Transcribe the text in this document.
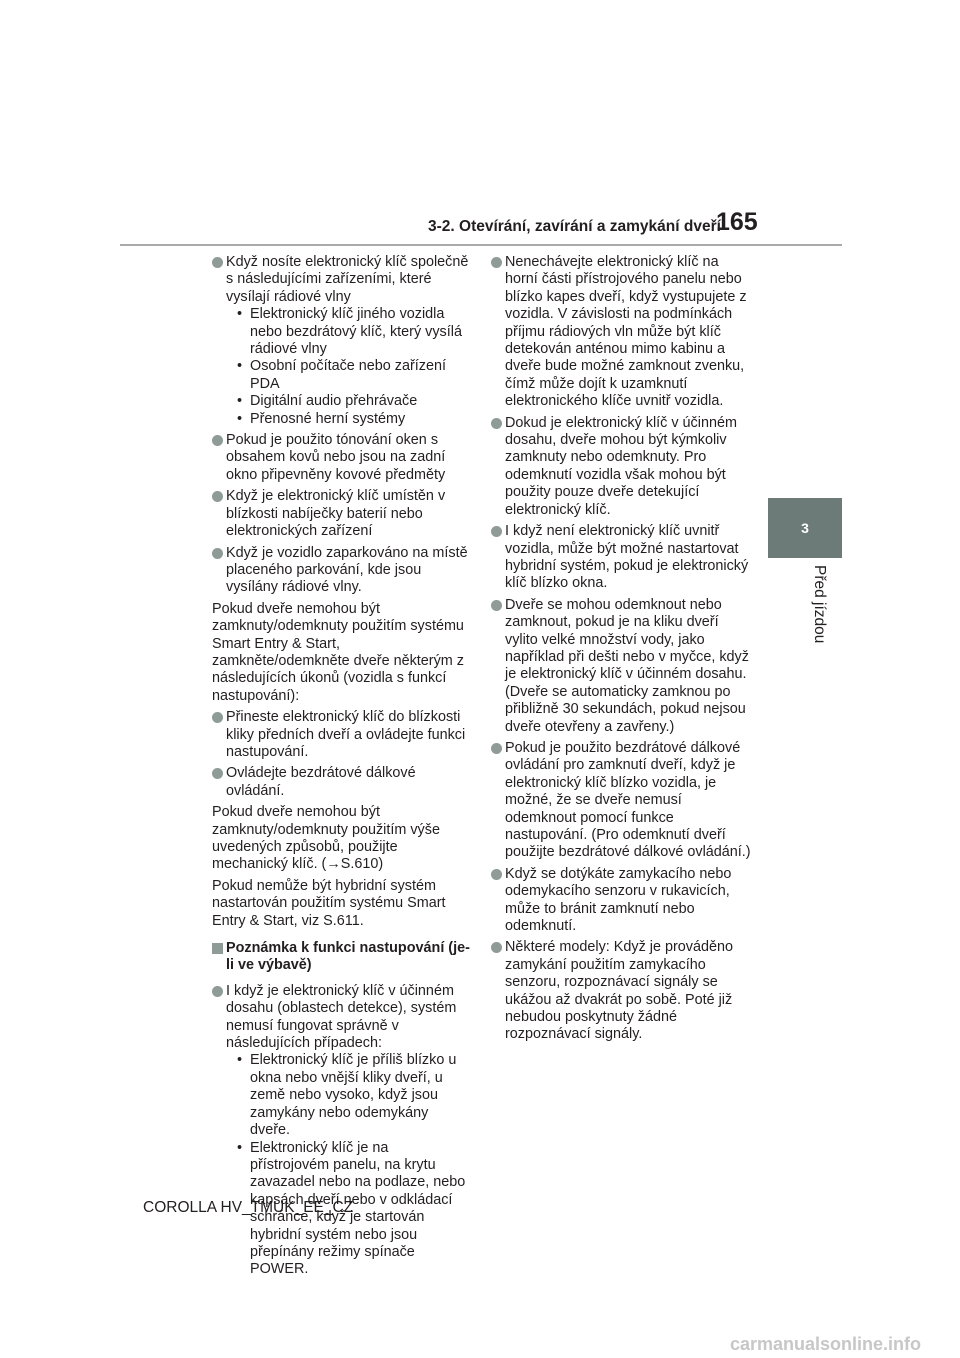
3-2. Otevírání, zavírání a zamykání dveří
165
3
Před jízdou
Když nosíte elektronický klíč společně s následujícími zařízeními, které vysílají rádiové vlny
• Elektronický klíč jiného vozidla nebo bezdrátový klíč, který vysílá rádiové vlny
• Osobní počítače nebo zařízení PDA
• Digitální audio přehrávače
• Přenosné herní systémy
Pokud je použito tónování oken s obsahem kovů nebo jsou na zadní okno připevněny kovové předměty
Když je elektronický klíč umístěn v blízkosti nabíječky baterií nebo elektronických zařízení
Když je vozidlo zaparkováno na místě placeného parkování, kde jsou vysílány rádiové vlny.
Pokud dveře nemohou být zamknuty/odemknuty použitím systému Smart Entry & Start, zamkněte/odemkněte dveře některým z následujících úkonů (vozidla s funkcí nastupování):
Přineste elektronický klíč do blízkosti kliky předních dveří a ovládejte funkci nastupování.
Ovládejte bezdrátové dálkové ovládání.
Pokud dveře nemohou být zamknuty/odemknuty použitím výše uvedených způsobů, použijte mechanický klíč. (→S.610)
Pokud nemůže být hybridní systém nastartován použitím systému Smart Entry & Start, viz S.611.
Poznámka k funkci nastupování (je-li ve výbavě)
I když je elektronický klíč v účinném dosahu (oblastech detekce), systém nemusí fungovat správně v následujících případech:
• Elektronický klíč je příliš blízko u okna nebo vnější kliky dveří, u země nebo vysoko, když jsou zamykány nebo odemykány dveře.
• Elektronický klíč je na přístrojovém panelu, na krytu zavazadel nebo na podlaze, nebo kapsách dveří nebo v odkládací schránce, když je startován hybridní systém nebo jsou přepínány režimy spínače POWER.
Nenechávejte elektronický klíč na horní části přístrojového panelu nebo blízko kapes dveří, když vystupujete z vozidla. V závislosti na podmínkách příjmu rádiových vln může být klíč detekován anténou mimo kabinu a dveře bude možné zamknout zvenku, čímž může dojít k uzamknutí elektronického klíče uvnitř vozidla.
Dokud je elektronický klíč v účinném dosahu, dveře mohou být kýmkoliv zamknuty nebo odemknuty. Pro odemknutí vozidla však mohou být použity pouze dveře detekující elektronický klíč.
I když není elektronický klíč uvnitř vozidla, může být možné nastartovat hybridní systém, pokud je elektronický klíč blízko okna.
Dveře se mohou odemknout nebo zamknout, pokud je na kliku dveří vylito velké množství vody, jako například při dešti nebo v myčce, když je elektronický klíč v účinném dosahu. (Dveře se automaticky zamknou po přibližně 30 sekundách, pokud nejsou dveře otevřeny a zavřeny.)
Pokud je použito bezdrátové dálkové ovládání pro zamknutí dveří, když je elektronický klíč blízko vozidla, je možné, že se dveře nemusí odemknout pomocí funkce nastupování. (Pro odemknutí dveří použijte bezdrátové dálkové ovládání.)
Když se dotýkáte zamykacího nebo odemykacího senzoru v rukavicích, může to bránit zamknutí nebo odemknutí.
Některé modely: Když je prováděno zamykání použitím zamykacího senzoru, rozpoznávací signály se ukážou až dvakrát po sobě. Poté již nebudou poskytnuty žádné rozpoznávací signály.
COROLLA HV_TMUK_EE_CZ
carmanualsonline.info
